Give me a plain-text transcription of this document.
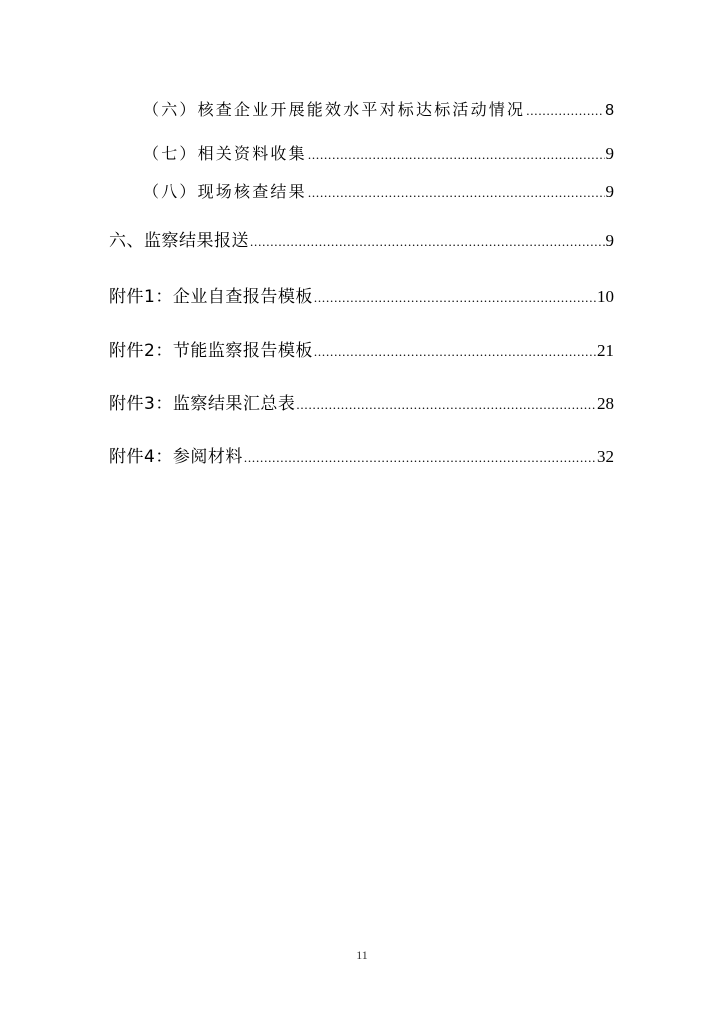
（六）核查企业开展能效水平对标达标活动情况 .....	8
（七）相关资料收集 .....	9
（八）现场核查结果 .....	9
六、监察结果报送 .....	9
附件1：企业自查报告模板 .....	10
附件2：节能监察报告模板 .....	21
附件3：监察结果汇总表 .....	28
附件4：参阅材料 .....	32
11
